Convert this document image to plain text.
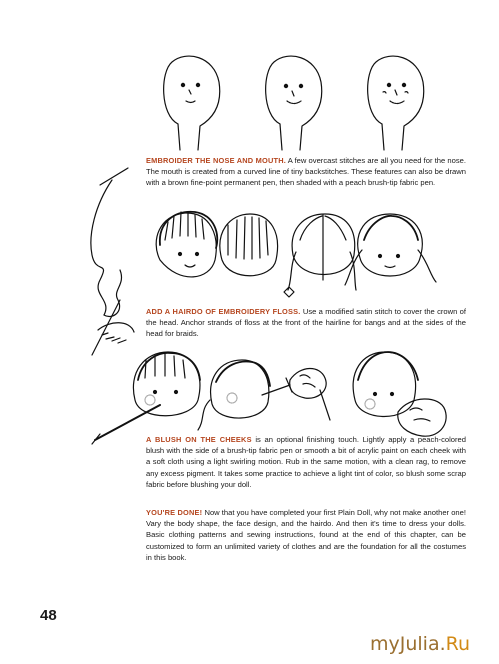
EMBROIDER THE NOSE AND MOUTH. A few overcast stitches are all you need for the nose. The mouth is created from a curved line of tiny backstitches. These features can also be drawn with a brown fine-point permanent pen, then shaded with a peach brush-tip fabric pen.
ADD A HAIRDO OF EMBROIDERY FLOSS. Use a modified satin stitch to cover the crown of the head. Anchor strands of floss at the front of the hairline for bangs and at the sides of the head for braids.
A BLUSH ON THE CHEEKS is an optional finishing touch. Lightly apply a peach-colored blush with the side of a brush-tip fabric pen or smooth a bit of acrylic paint on each cheek with a soft cloth using a light swirling motion. Rub in the same motion, with a clean rag, to remove any excess pigment. It takes some practice to achieve a light tint of color, so blush some scrap fabric before blushing your doll.
YOU'RE DONE! Now that you have completed your first Plain Doll, why not make another one! Vary the body shape, the face design, and the hairdo. And then it's time to dress your dolls. Basic clothing patterns and sewing instructions, found at the end of this chapter, can be customized to form an unlimited variety of clothes and are the foundation for all the costumes in this book.
48
myJulia.Ru
